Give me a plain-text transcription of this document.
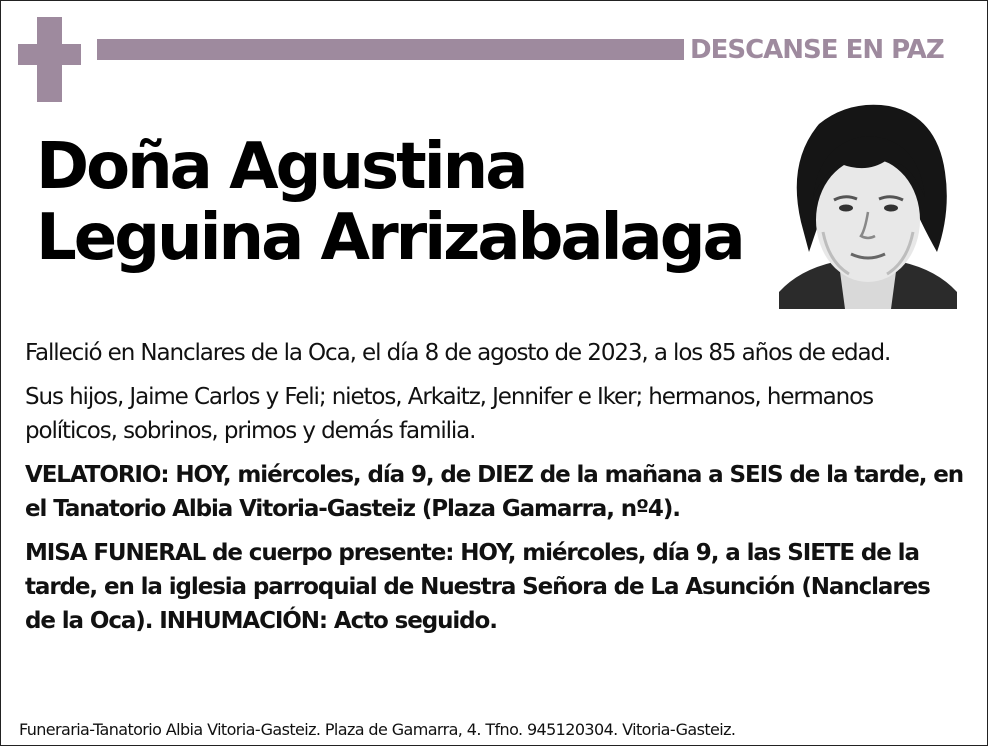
DESCANSE EN PAZ
Doña Agustina
Leguina Arrizabalaga

Falleció en Nanclares de la Oca, el día 8 de agosto de 2023, a los 85 años de edad.

Sus hijos, Jaime Carlos y Feli; nietos, Arkaitz, Jennifer e Iker; hermanos, hermanos políticos, sobrinos, primos y demás familia.

VELATORIO: HOY, miércoles, día 9, de DIEZ de la mañana a SEIS de la tarde, en el Tanatorio Albia Vitoria-Gasteiz (Plaza Gamarra, nº4).

MISA FUNERAL de cuerpo presente: HOY, miércoles, día 9, a las SIETE de la tarde, en la iglesia parroquial de Nuestra Señora de La Asunción (Nanclares de la Oca). INHUMACIÓN: Acto seguido.

Funeraria-Tanatorio Albia Vitoria-Gasteiz. Plaza de Gamarra, 4. Tfno. 945120304. Vitoria-Gasteiz.
